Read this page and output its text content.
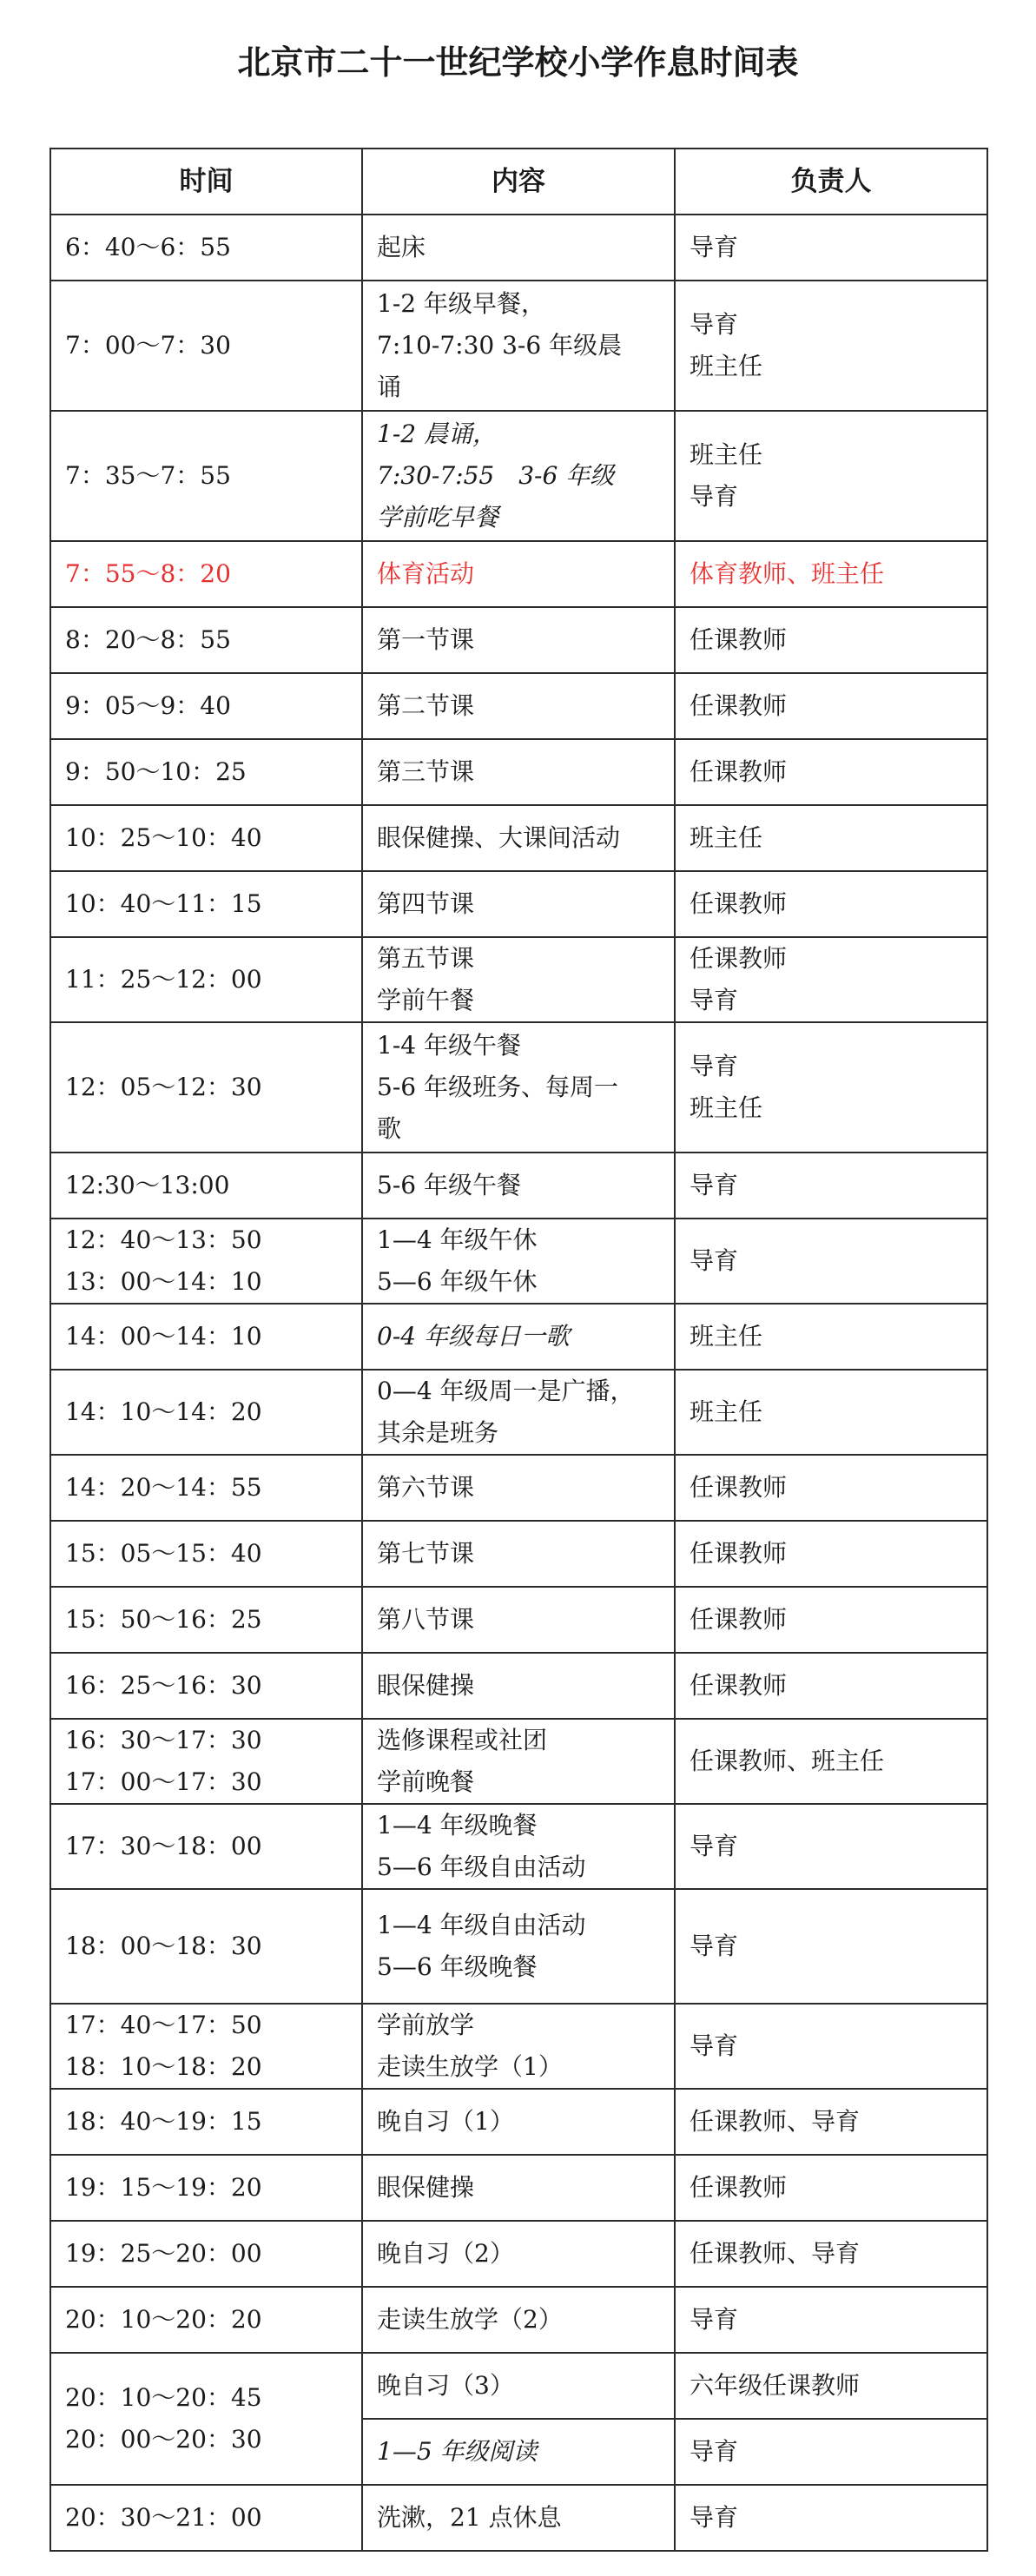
北京市二十一世纪学校小学作息时间表
时间	内容	负责人

6：40～6：55	起床	导育

7：00～7：30	1-2 年级早餐，
7:10-7:30 3-6 年级晨
诵	导育
班主任

7：35～7：55	1-2 晨诵，
7:30-7:55　3-6 年级
学前吃早餐	班主任
导育

7：55～8：20	体育活动	体育教师、班主任

8：20～8：55	第一节课	任课教师

9：05～9：40	第二节课	任课教师

9：50～10：25	第三节课	任课教师

10：25～10：40	眼保健操、大课间活动	班主任

10：40～11：15	第四节课	任课教师

11：25～12：00	第五节课
学前午餐	任课教师
导育

12：05～12：30	1-4 年级午餐
5-6 年级班务、每周一
歌	导育
班主任

12:30～13:00	5-6 年级午餐	导育

12：40～13：50
13：00～14：10	1—4 年级午休
5—6 年级午休	导育

14：00～14：10	0-4 年级每日一歌	班主任

14：10～14：20	0—4 年级周一是广播，
其余是班务	班主任

14：20～14：55	第六节课	任课教师

15：05～15：40	第七节课	任课教师

15：50～16：25	第八节课	任课教师

16：25～16：30	眼保健操	任课教师

16：30～17：30
17：00～17：30	选修课程或社团
学前晚餐	任课教师、班主任

17：30～18：00	1—4 年级晚餐
5—6 年级自由活动	导育

18：00～18：30	1—4 年级自由活动
5—6 年级晚餐	导育

17：40～17：50
18：10～18：20	学前放学
走读生放学（1）	导育

18：40～19：15	晚自习（1）	任课教师、导育

19：15～19：20	眼保健操	任课教师

19：25～20：00	晚自习（2）	任课教师、导育

20：10～20：20	走读生放学（2）	导育

20：10～20：45
20：00～20：30	晚自习（3）	六年级任课教师

	1—5 年级阅读	导育

20：30～21：00	洗漱，21 点休息	导育
